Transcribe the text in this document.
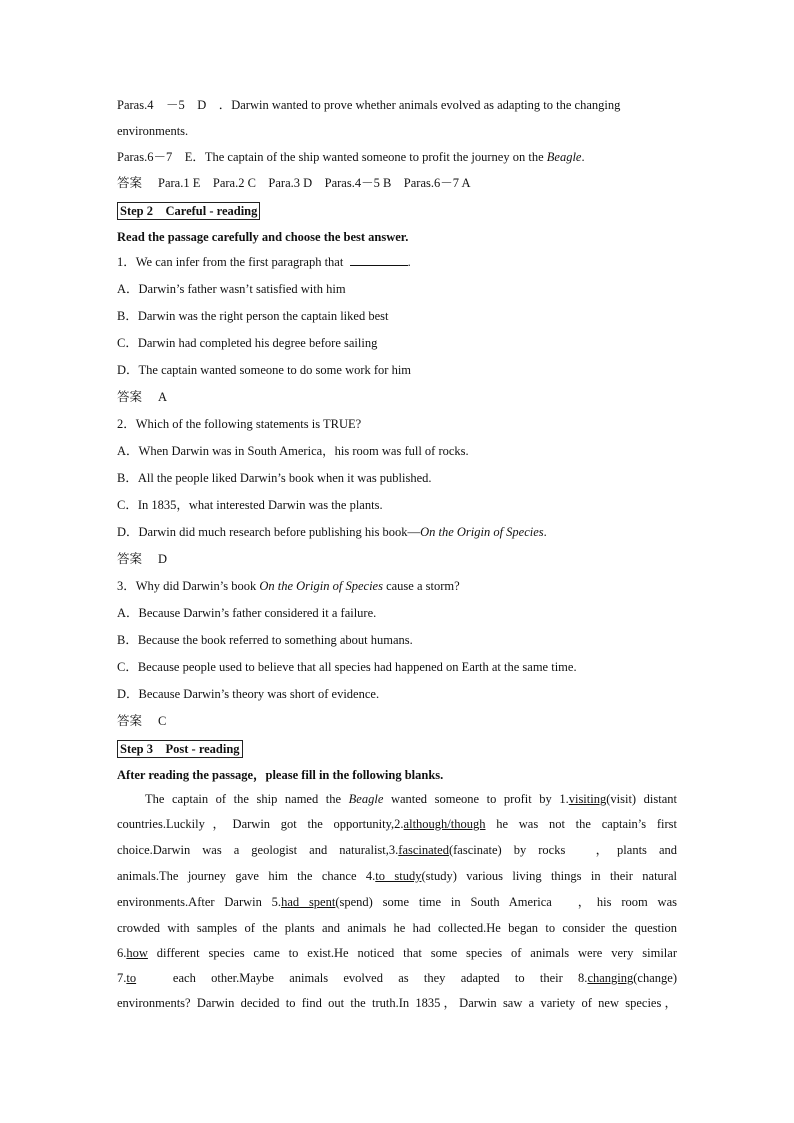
Paras.4　－5　D　．Darwin wanted to prove whether animals evolved as adapting to the changing
environments.
Paras.6－7　E．The captain of the ship wanted someone to profit the journey on the Beagle.
答案 Para.1 E　Para.2 C　Para.3 D　Paras.4－5 B　Paras.6－7 A
Step 2　Careful - reading
Read the passage carefully and choose the best answer.
1．We can infer from the first paragraph that	.
A．Darwin’s father wasn’t satisfied with him
B．Darwin was the right person the captain liked best
C．Darwin had completed his degree before sailing
D．The captain wanted someone to do some work for him
答案 A
2．Which of the following statements is TRUE?
A．When Darwin was in South America，his room was full of rocks.
B．All the people liked Darwin’s book when it was published.
C．In 1835，what interested Darwin was the plants.
D．Darwin did much research before publishing his book—On the Origin of Species.
答案 D
3．Why did Darwin’s book On the Origin of Species cause a storm?
A．Because Darwin’s father considered it a failure.
B．Because the book referred to something about humans.
C．Because people used to believe that all species had happened on Earth at the same time.
D．Because Darwin’s theory was short of evidence.
答案 C
Step 3　Post - reading
After reading the passage，please fill in the following blanks.
The captain of the ship named the Beagle wanted someone to profit by 1.visiting(visit) distant
countries.Luckily，Darwin got the opportunity,2.although/though he was not the captain’s first
choice.Darwin was a geologist and naturalist,3.fascinated(fascinate) by rocks　，plants and
animals.The journey gave him the chance 4.to study(study) various living things in their natural
environments.After Darwin 5.had spent(spend) some time in South America　，his room was
crowded with samples of the plants and animals he had collected.He began to consider the question
6.how different species came to exist.He noticed that some species of animals were very similar
7.to　each other.Maybe animals evolved as they adapted to their 8.changing(change)
environments? Darwin decided to find out the truth.In 1835，Darwin saw a variety of new species，
